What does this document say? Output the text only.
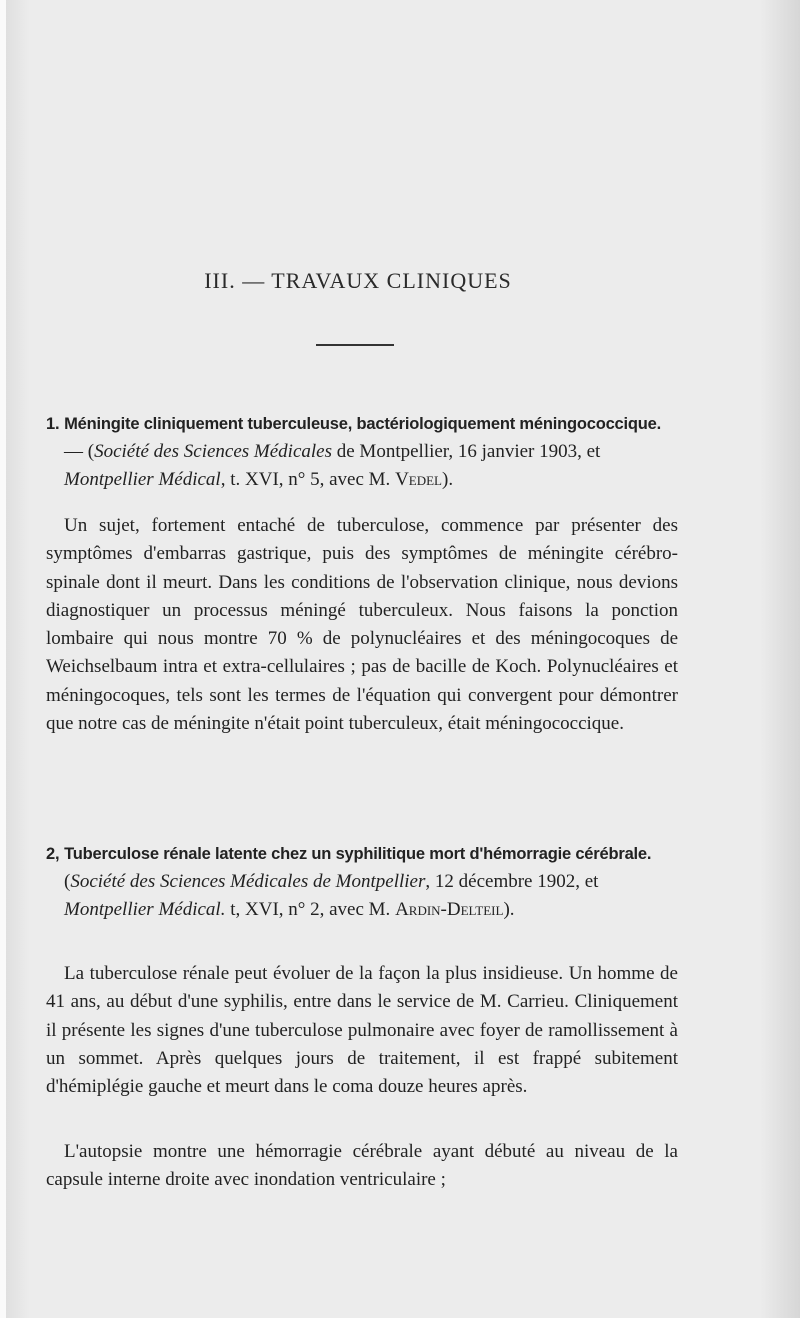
III. — TRAVAUX CLINIQUES
1. Méningite cliniquement tuberculeuse, bactériologiquement méningococcique. — (Société des Sciences Médicales de Montpellier, 16 janvier 1903, et Montpellier Médical, t. XVI, n° 5, avec M. Vedel).
Un sujet, fortement entaché de tuberculose, commence par présenter des symptômes d'embarras gastrique, puis des symptômes de méningite cérébro-spinale dont il meurt. Dans les conditions de l'observation clinique, nous devions diagnostiquer un processus méningé tuberculeux. Nous faisons la ponction lombaire qui nous montre 70 % de polynucléaires et des méningocoques de Weichselbaum intra et extra-cellulaires ; pas de bacille de Koch. Polynucléaires et méningocoques, tels sont les termes de l'équation qui convergent pour démontrer que notre cas de méningite n'était point tuberculeux, était méningococcique.
2, Tuberculose rénale latente chez un syphilitique mort d'hémorragie cérébrale. (Société des Sciences Médicales de Montpellier, 12 décembre 1902, et Montpellier Médical. t, XVI, n° 2, avec M. Ardin-Delteil).
La tuberculose rénale peut évoluer de la façon la plus insidieuse. Un homme de 41 ans, au début d'une syphilis, entre dans le service de M. Carrieu. Cliniquement il présente les signes d'une tuberculose pulmonaire avec foyer de ramollissement à un sommet. Après quelques jours de traitement, il est frappé subitement d'hémiplégie gauche et meurt dans le coma douze heures après.
L'autopsie montre une hémorragie cérébrale ayant débuté au niveau de la capsule interne droite avec inondation ventriculaire ;
